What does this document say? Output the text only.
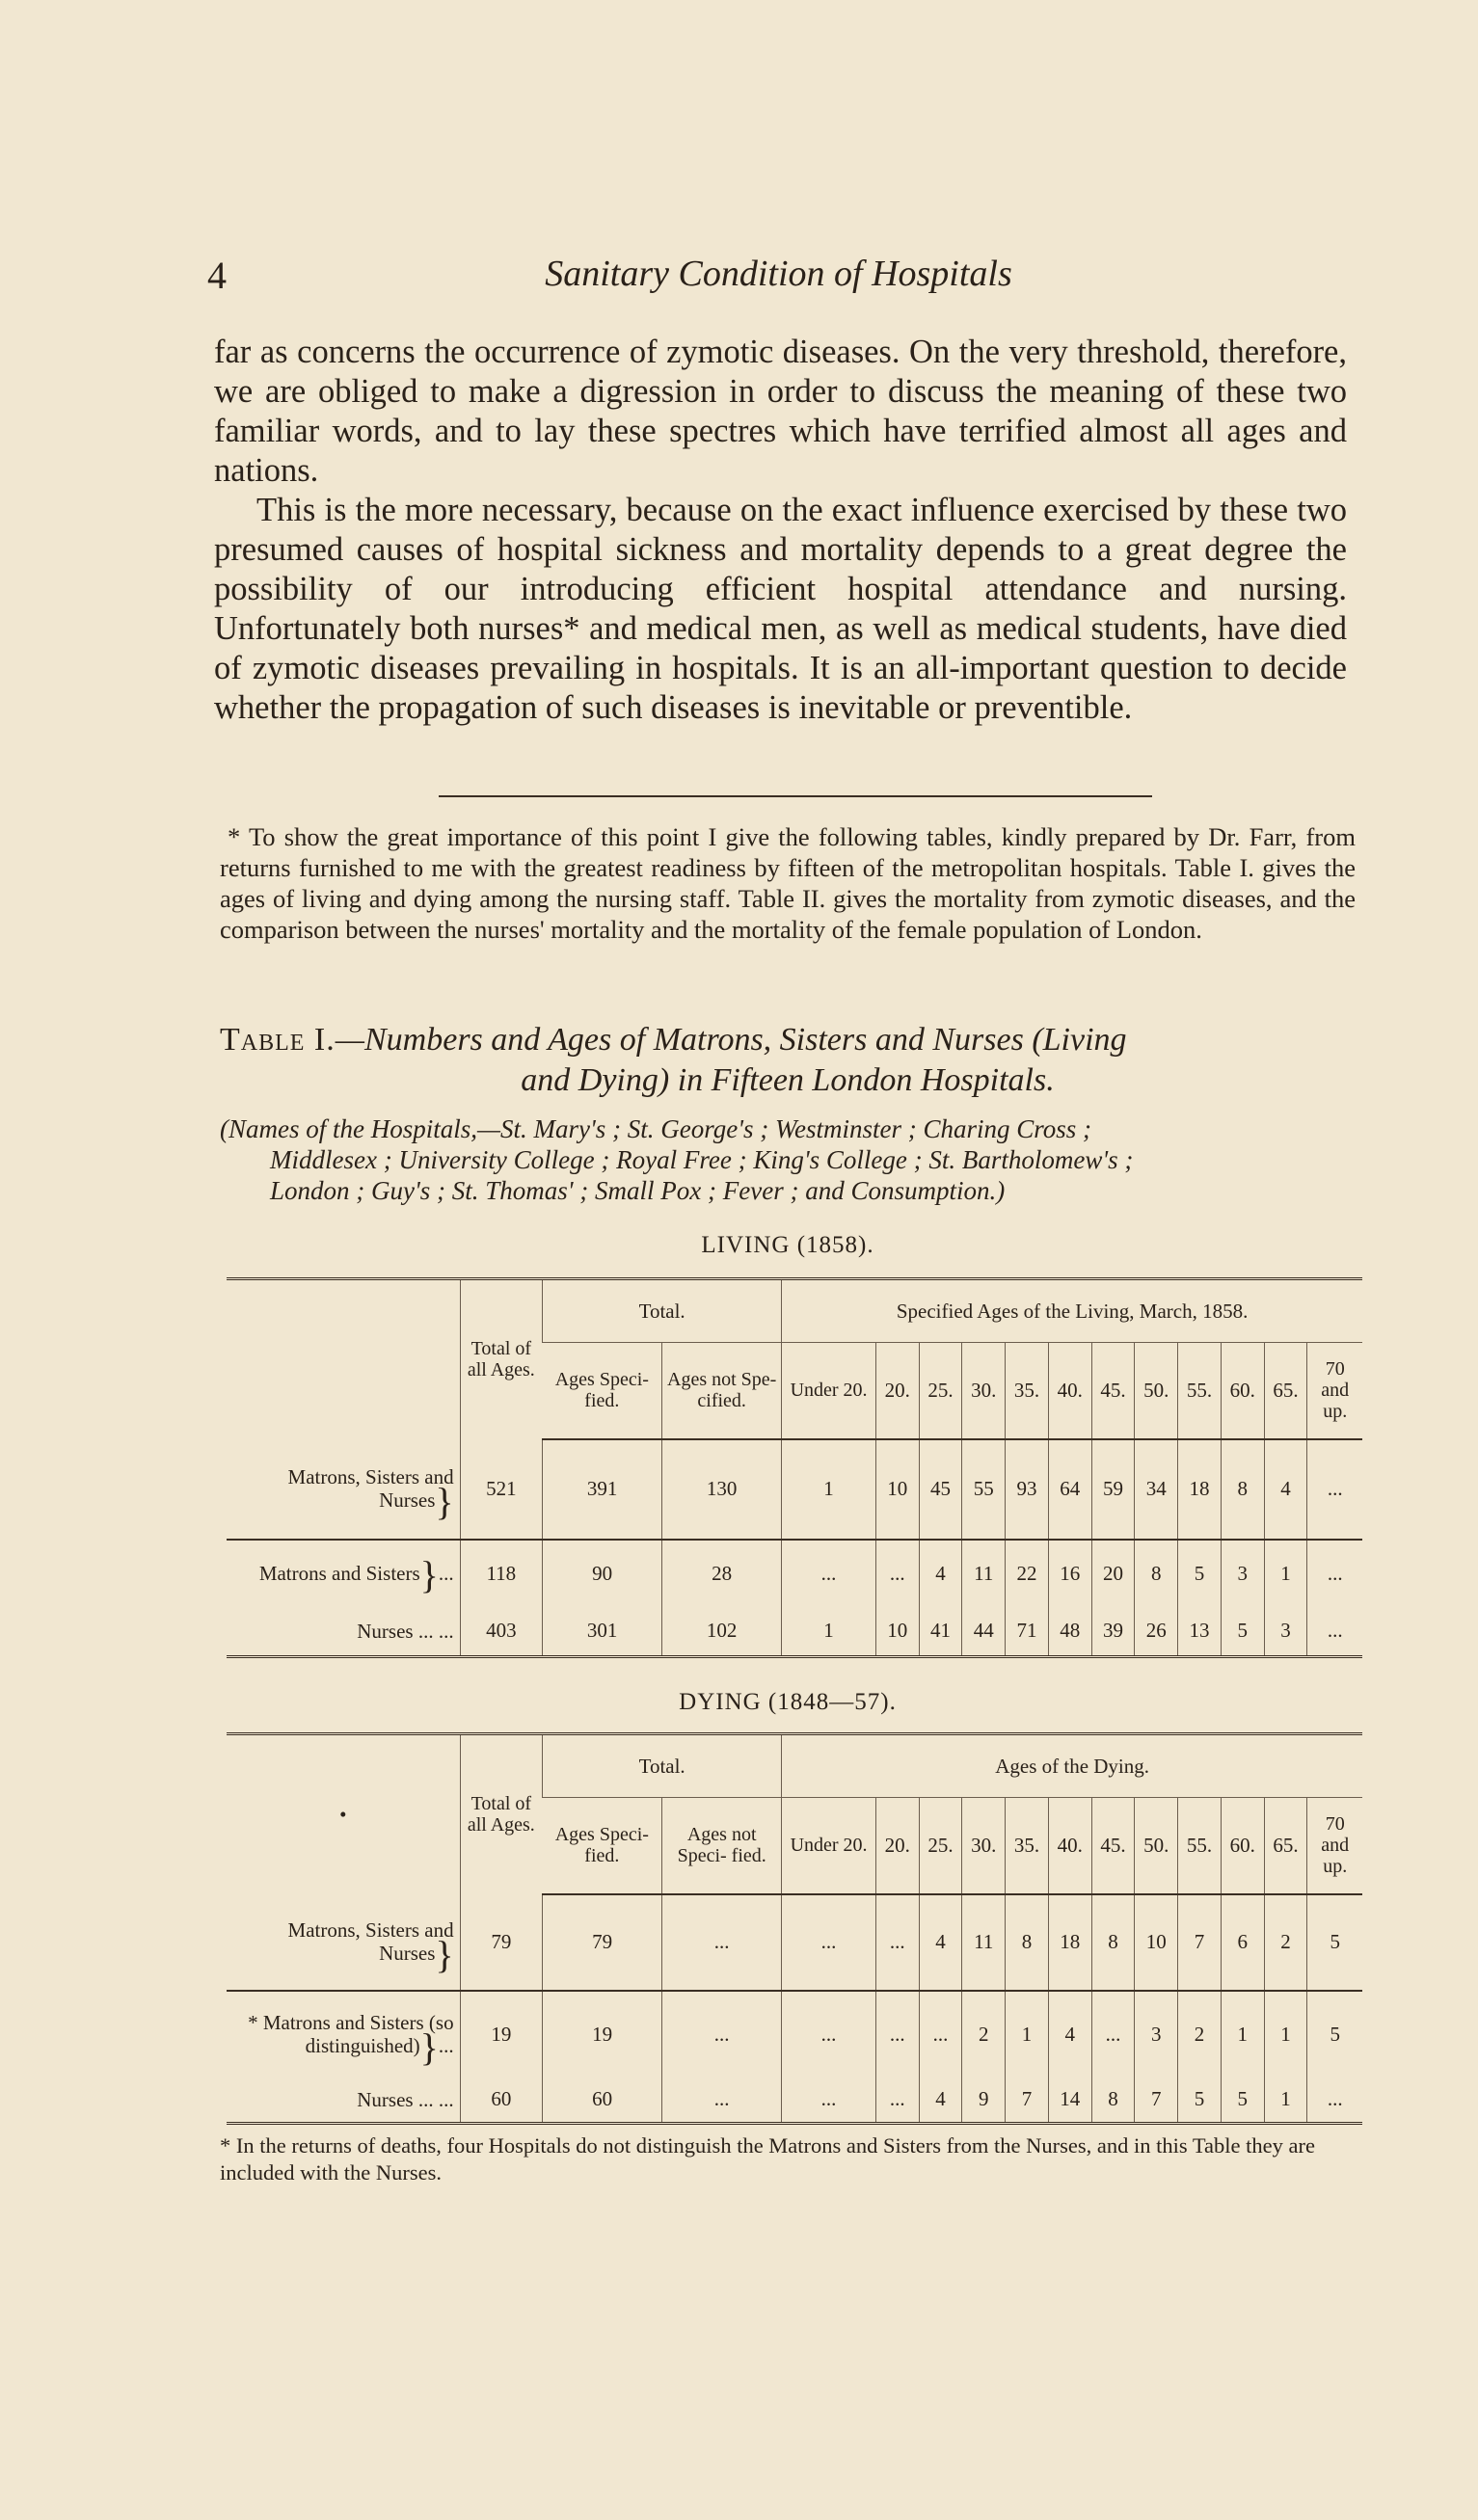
4	Sanitary Condition of Hospitals

far as concerns the occurrence of zymotic diseases. On the very threshold, therefore, we are obliged to make a digression in order to discuss the meaning of these two familiar words, and to lay these spectres which have terrified almost all ages and nations.

This is the more necessary, because on the exact influence exercised by these two presumed causes of hospital sickness and mortality depends to a great degree the possibility of our introducing efficient hospital attendance and nursing. Unfortunately both nurses* and medical men, as well as medical students, have died of zymotic diseases prevailing in hospitals. It is an all-important question to decide whether the propagation of such diseases is inevitable or preventible.

* To show the great importance of this point I give the following tables, kindly prepared by Dr. Farr, from returns furnished to me with the greatest readiness by fifteen of the metropolitan hospitals. Table I. gives the ages of living and dying among the nursing staff. Table II. gives the mortality from zymotic diseases, and the comparison between the nurses' mortality and the mortality of the female population of London.

Table I.—Numbers and Ages of Matrons, Sisters and Nurses (Living
and Dying) in Fifteen London Hospitals.
(Names of the Hospitals,—St. Mary's ; St. George's ; Westminster ; Charing Cross ;
Middlesex ; University College ; Royal Free ; King's College ; St. Bartholomew's ;
London ; Guy's ; St. Thomas' ; Small Pox ; Fever ; and Consumption.)
LIVING (1858).
	Total of all Ages.	Total.		Specified Ages of the Living, March, 1858.											
		Ages Speci- fied.	Ages not Spe- cified.	Under 20.	20.	25.	30.	35.	40.	45.	50.	55.	60.	65.	70 and up.
Matrons, Sisters and Nurses}	521	391	130	1	10	45	55	93	64	59	34	18	8	4	...
Matrons and Sisters}...	118	90	28	...	...	4	11	22	16	20	8	5	3	1	...
Nurses ... ...	403	301	102	1	10	41	44	71	48	39	26	13	5	3	...
DYING (1848—57).
•	Total of all Ages.	Total.		Ages of the Dying.											
		Ages Speci- fied.	Ages not Speci- fied.	Under 20.	20.	25.	30.	35.	40.	45.	50.	55.	60.	65.	70 and up.
Matrons, Sisters and Nurses}	79	79	...	...	...	4	11	8	18	8	10	7	6	2	5
* Matrons and Sisters (so distinguished)}...	19	19	...	...	...	...	2	1	4	...	3	2	1	1	5
Nurses ... ...	60	60	...	...	...	4	9	7	14	8	7	5	5	1	...
* In the returns of deaths, four Hospitals do not distinguish the Matrons and Sisters from the Nurses, and in this Table they are included with the Nurses.
